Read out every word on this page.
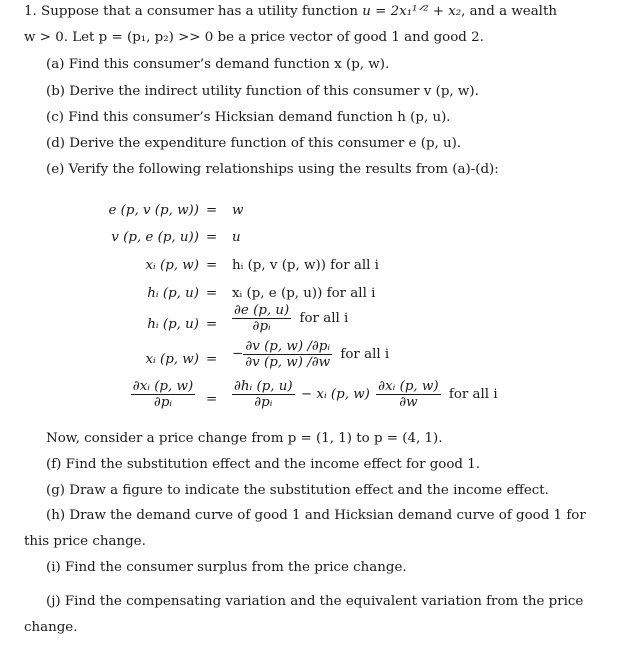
1. Suppose that a consumer has a utility function u = 2x₁¹ᐟ² + x₂, and a wealth
w > 0. Let p = (p₁, p₂) >> 0 be a price vector of good 1 and good 2.
(a) Find this consumer’s demand function x (p, w).
(b) Derive the indirect utility function of this consumer v (p, w).
(c) Find this consumer’s Hicksian demand function h (p, u).
(d) Derive the expenditure function of this consumer e (p, u).
(e) Verify the following relationships using the results from (a)-(d):
e (p, v (p, w)) = w
v (p, e (p, u)) = u
xᵢ (p, w) = hᵢ (p, v (p, w)) for all i
hᵢ (p, u) = xᵢ (p, e (p, u)) for all i
hᵢ (p, $u) = \frac{\partial e (p, u)}{\text{∂pᵢ}}$ for all i
xᵢ (p, w) = − $\frac{\text{∂v (p, w) /∂pᵢ}}{\partial v (p, w) /\partial w}$ for all i
$\frac{\text{∂xᵢ (p, w)}}{\text{∂pᵢ}} = \frac{\text{∂hᵢ (p, u)}}{\text{∂pᵢ}}$ − xᵢ (p, $w) \frac{\text{∂xᵢ (p, w)}}{\partial w}$ for all i
Now, consider a price change from p = (1, 1) to p = (4, 1).
(f) Find the substitution effect and the income effect for good 1.
(g) Draw a figure to indicate the substitution effect and the income effect.
(h) Draw the demand curve of good 1 and Hicksian demand curve of good 1 for
this price change.
(i) Find the consumer surplus from the price change.
(j) Find the compensating variation and the equivalent variation from the price
change.
